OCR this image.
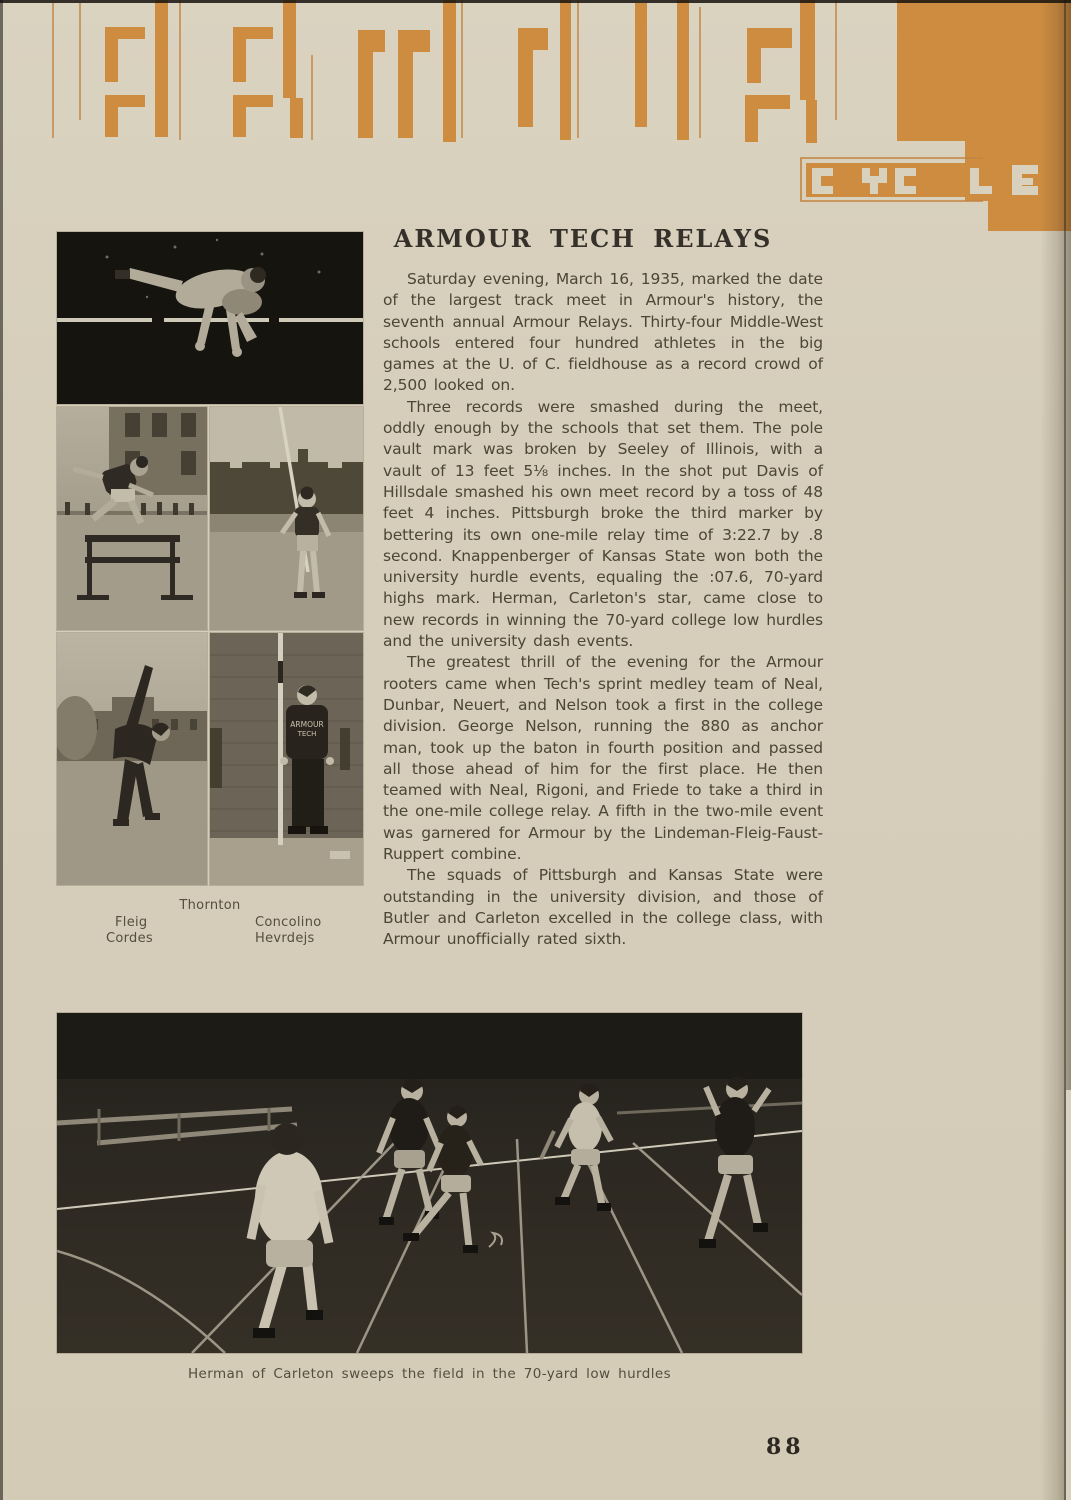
ARMOUR
TECH
Thornton
Fleig	Concolino
Cordes	Hevrdejs
ARMOUR TECH RELAYS

Saturday evening, March 16, 1935, marked the date of the largest track meet in Armour's history, the seventh annual Armour Relays. Thirty-four Middle-West schools entered four hundred athletes in the big games at the U. of C. fieldhouse as a record crowd of 2,500 looked on.

Three records were smashed during the meet, oddly enough by the schools that set them. The pole vault mark was broken by Seeley of Illinois, with a vault of 13 feet 5⅛ inches. In the shot put Davis of Hillsdale smashed his own meet record by a toss of 48 feet 4 inches. Pittsburgh broke the third marker by bettering its own one-mile relay time of 3:22.7 by .8 second. Knappenberger of Kansas State won both the university hurdle events, equaling the :07.6, 70-yard highs mark. Herman, Carleton's star, came close to new records in winning the 70-yard college low hurdles and the university dash events.

The greatest thrill of the evening for the Armour rooters came when Tech's sprint medley team of Neal, Dunbar, Neuert, and Nelson took a first in the college division. George Nelson, running the 880 as anchor man, took up the baton in fourth position and passed all those ahead of him for the first place. He then teamed with Neal, Rigoni, and Friede to take a third in the one-mile college relay. A fifth in the two-mile event was garnered for Armour by the Lindeman-Fleig-Faust-Ruppert combine.

The squads of Pittsburgh and Kansas State were outstanding in the university division, and those of Butler and Carleton excelled in the college class, with Armour unofficially rated sixth.

Herman of Carleton sweeps the field in the 70-yard low hurdles
88
